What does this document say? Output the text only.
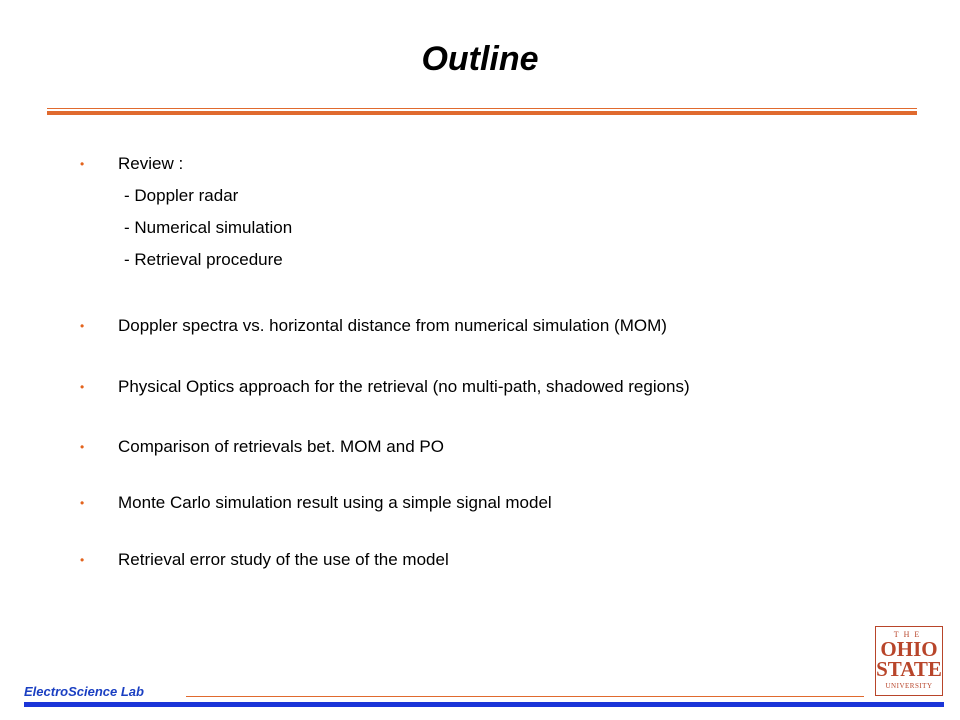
Outline
• Review :
- Doppler radar
- Numerical simulation
- Retrieval procedure
• Doppler spectra vs. horizontal distance from numerical simulation (MOM)
• Physical Optics approach for the retrieval (no multi-path, shadowed regions)
• Comparison of retrievals bet. MOM and PO
• Monte Carlo simulation result using a simple signal model
• Retrieval error study of the use of the model
ElectroScience Lab
THE
OHIO
STATE
UNIVERSITY
